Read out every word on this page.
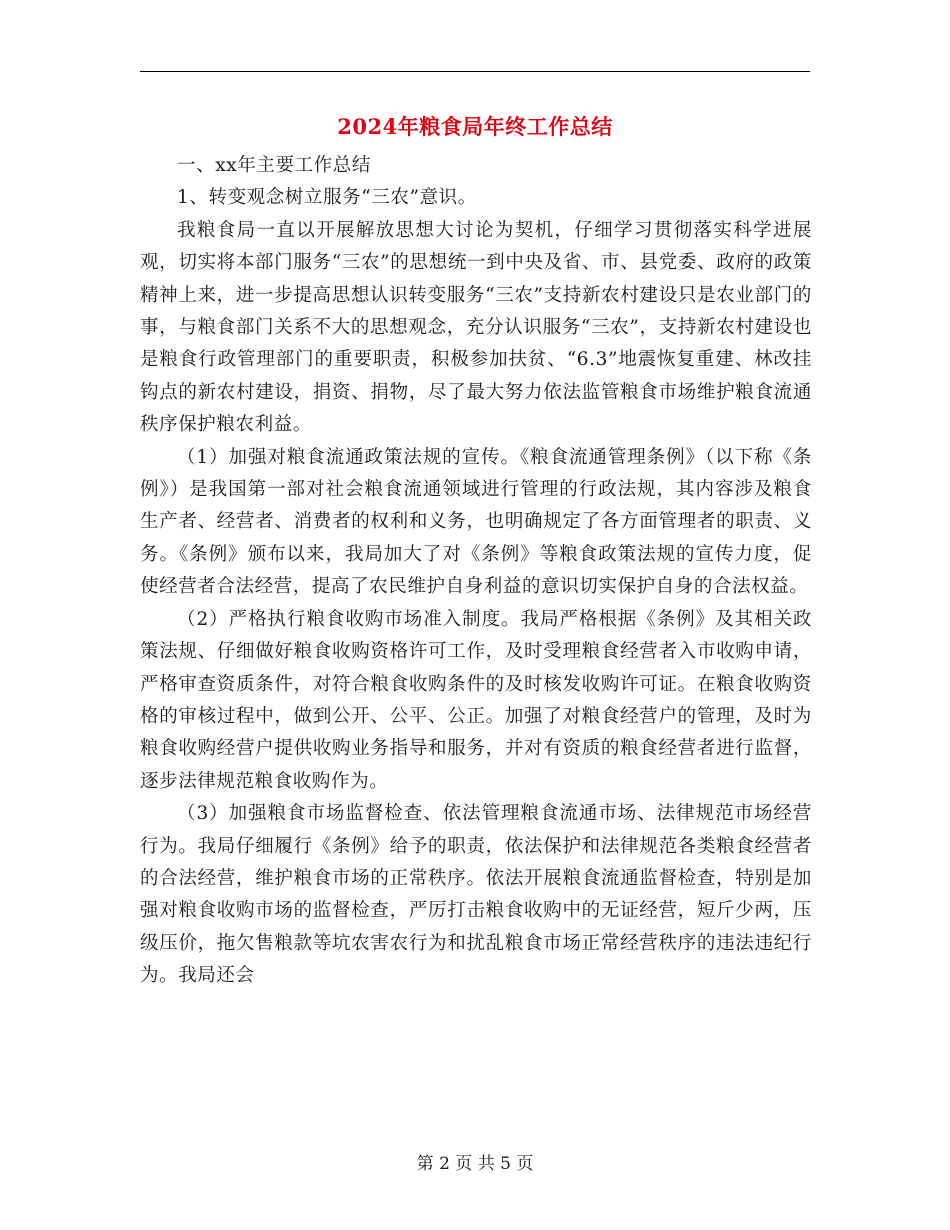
2024年粮食局年终工作总结

一、xx年主要工作总结

1、转变观念树立服务“三农”意识。

我粮食局一直以开展解放思想大讨论为契机，仔细学习贯彻落实科学进展观，切实将本部门服务“三农”的思想统一到中央及省、市、县党委、政府的政策精神上来，进一步提高思想认识转变服务“三农”支持新农村建设只是农业部门的事，与粮食部门关系不大的思想观念，充分认识服务“三农”，支持新农村建设也是粮食行政管理部门的重要职责，积极参加扶贫、“6.3”地震恢复重建、林改挂钩点的新农村建设，捐资、捐物，尽了最大努力依法监管粮食市场维护粮食流通秩序保护粮农利益。

（1）加强对粮食流通政策法规的宣传。《粮食流通管理条例》（以下称《条例》）是我国第一部对社会粮食流通领域进行管理的行政法规，其内容涉及粮食生产者、经营者、消费者的权利和义务，也明确规定了各方面管理者的职责、义务。《条例》颁布以来，我局加大了对《条例》等粮食政策法规的宣传力度，促使经营者合法经营，提高了农民维护自身利益的意识切实保护自身的合法权益。

（2）严格执行粮食收购市场准入制度。我局严格根据《条例》及其相关政策法规、仔细做好粮食收购资格许可工作，及时受理粮食经营者入市收购申请，严格审查资质条件，对符合粮食收购条件的及时核发收购许可证。在粮食收购资格的审核过程中，做到公开、公平、公正。加强了对粮食经营户的管理，及时为粮食收购经营户提供收购业务指导和服务，并对有资质的粮食经营者进行监督，逐步法律规范粮食收购作为。

（3）加强粮食市场监督检查、依法管理粮食流通市场、法律规范市场经营行为。我局仔细履行《条例》给予的职责，依法保护和法律规范各类粮食经营者的合法经营，维护粮食市场的正常秩序。依法开展粮食流通监督检查，特别是加强对粮食收购市场的监督检查，严厉打击粮食收购中的无证经营，短斤少两，压级压价，拖欠售粮款等坑农害农行为和扰乱粮食市场正常经营秩序的违法违纪行为。我局还会

第 2 页 共 5 页
